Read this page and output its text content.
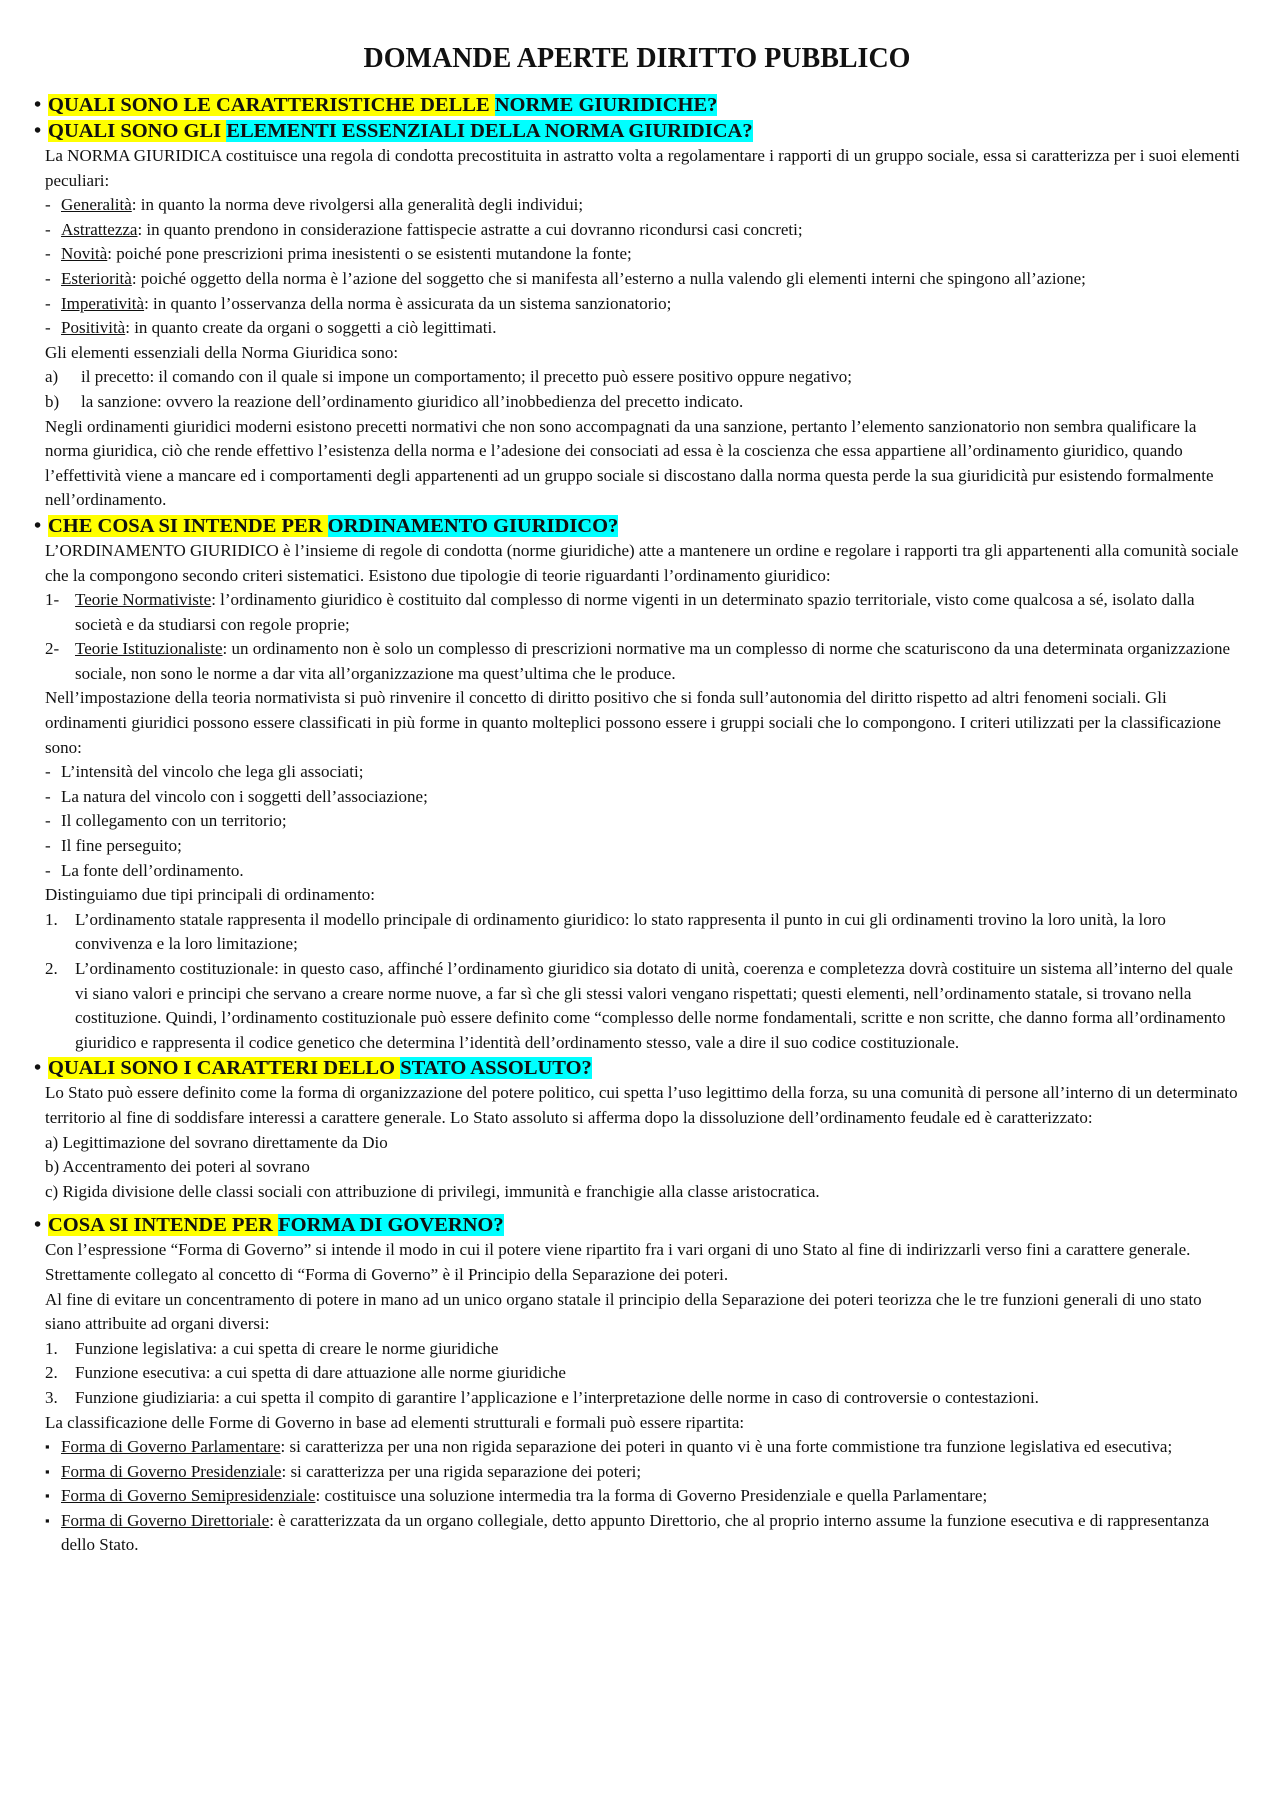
DOMANDE APERTE DIRITTO PUBBLICO
• QUALI SONO LE CARATTERISTICHE DELLE NORME GIURIDICHE?
• QUALI SONO GLI ELEMENTI ESSENZIALI DELLA NORMA GIURIDICA?

La NORMA GIURIDICA costituisce una regola di condotta precostituita in astratto volta a regolamentare i rapporti di un gruppo sociale, essa si caratterizza per i suoi elementi peculiari:

- Generalità: in quanto la norma deve rivolgersi alla generalità degli individui;
- Astrattezza: in quanto prendono in considerazione fattispecie astratte a cui dovranno ricondursi casi concreti;
- Novità: poiché pone prescrizioni prima inesistenti o se esistenti mutandone la fonte;
- Esteriorità: poiché oggetto della norma è l’azione del soggetto che si manifesta all’esterno a nulla valendo gli elementi interni che spingono all’azione;
- Imperatività: in quanto l’osservanza della norma è assicurata da un sistema sanzionatorio;
- Positività: in quanto create da organi o soggetti a ciò legittimati.

Gli elementi essenziali della Norma Giuridica sono:

a) il precetto: il comando con il quale si impone un comportamento; il precetto può essere positivo oppure negativo;
b) la sanzione: ovvero la reazione dell’ordinamento giuridico all’inobbedienza del precetto indicato.

Negli ordinamenti giuridici moderni esistono precetti normativi che non sono accompagnati da una sanzione, pertanto l’elemento sanzionatorio non sembra qualificare la norma giuridica, ciò che rende effettivo l’esistenza della norma e l’adesione dei consociati ad essa è la coscienza che essa appartiene all’ordinamento giuridico, quando l’effettività viene a mancare ed i comportamenti degli appartenenti ad un gruppo sociale si discostano dalla norma questa perde la sua giuridicità pur esistendo formalmente nell’ordinamento.

• CHE COSA SI INTENDE PER ORDINAMENTO GIURIDICO?

L’ORDINAMENTO GIURIDICO è l’insieme di regole di condotta (norme giuridiche) atte a mantenere un ordine e regolare i rapporti tra gli appartenenti alla comunità sociale che la compongono secondo criteri sistematici. Esistono due tipologie di teorie riguardanti l’ordinamento giuridico:

1- Teorie Normativiste: l’ordinamento giuridico è costituito dal complesso di norme vigenti in un determinato spazio territoriale, visto come qualcosa a sé, isolato dalla società e da studiarsi con regole proprie;
2- Teorie Istituzionaliste: un ordinamento non è solo un complesso di prescrizioni normative ma un complesso di norme che scaturiscono da una determinata organizzazione sociale, non sono le norme a dar vita all’organizzazione ma quest’ultima che le produce.

Nell’impostazione della teoria normativista si può rinvenire il concetto di diritto positivo che si fonda sull’autonomia del diritto rispetto ad altri fenomeni sociali. Gli ordinamenti giuridici possono essere classificati in più forme in quanto molteplici possono essere i gruppi sociali che lo compongono. I criteri utilizzati per la classificazione sono:

- L’intensità del vincolo che lega gli associati;
- La natura del vincolo con i soggetti dell’associazione;
- Il collegamento con un territorio;
- Il fine perseguito;
- La fonte dell’ordinamento.

Distinguiamo due tipi principali di ordinamento:

1. L’ordinamento statale rappresenta il modello principale di ordinamento giuridico: lo stato rappresenta il punto in cui gli ordinamenti trovino la loro unità, la loro convivenza e la loro limitazione;
2. L’ordinamento costituzionale: in questo caso, affinché l’ordinamento giuridico sia dotato di unità, coerenza e completezza dovrà costituire un sistema all’interno del quale vi siano valori e principi che servano a creare norme nuove, a far sì che gli stessi valori vengano rispettati; questi elementi, nell’ordinamento statale, si trovano nella costituzione. Quindi, l’ordinamento costituzionale può essere definito come “complesso delle norme fondamentali, scritte e non scritte, che danno forma all’ordinamento giuridico e rappresenta il codice genetico che determina l’identità dell’ordinamento stesso, vale a dire il suo codice costituzionale.
• QUALI SONO I CARATTERI DELLO STATO ASSOLUTO?

Lo Stato può essere definito come la forma di organizzazione del potere politico, cui spetta l’uso legittimo della forza, su una comunità di persone all’interno di un determinato territorio al fine di soddisfare interessi a carattere generale. Lo Stato assoluto si afferma dopo la dissoluzione dell’ordinamento feudale ed è caratterizzato:

a) Legittimazione del sovrano direttamente da Dio

b) Accentramento dei poteri al sovrano

c) Rigida divisione delle classi sociali con attribuzione di privilegi, immunità e franchigie alla classe aristocratica.

• COSA SI INTENDE PER FORMA DI GOVERNO?

Con l’espressione “Forma di Governo” si intende il modo in cui il potere viene ripartito fra i vari organi di uno Stato al fine di indirizzarli verso fini a carattere generale. Strettamente collegato al concetto di “Forma di Governo” è il Principio della Separazione dei poteri.

Al fine di evitare un concentramento di potere in mano ad un unico organo statale il principio della Separazione dei poteri teorizza che le tre funzioni generali di uno stato siano attribuite ad organi diversi:

1. Funzione legislativa: a cui spetta di creare le norme giuridiche
2. Funzione esecutiva: a cui spetta di dare attuazione alle norme giuridiche
3. Funzione giudiziaria: a cui spetta il compito di garantire l’applicazione e l’interpretazione delle norme in caso di controversie o contestazioni.

La classificazione delle Forme di Governo in base ad elementi strutturali e formali può essere ripartita:

▪ Forma di Governo Parlamentare: si caratterizza per una non rigida separazione dei poteri in quanto vi è una forte commistione tra funzione legislativa ed esecutiva;
▪ Forma di Governo Presidenziale: si caratterizza per una rigida separazione dei poteri;
▪ Forma di Governo Semipresidenziale: costituisce una soluzione intermedia tra la forma di Governo Presidenziale e quella Parlamentare;
▪ Forma di Governo Direttoriale: è caratterizzata da un organo collegiale, detto appunto Direttorio, che al proprio interno assume la funzione esecutiva e di rappresentanza dello Stato.
